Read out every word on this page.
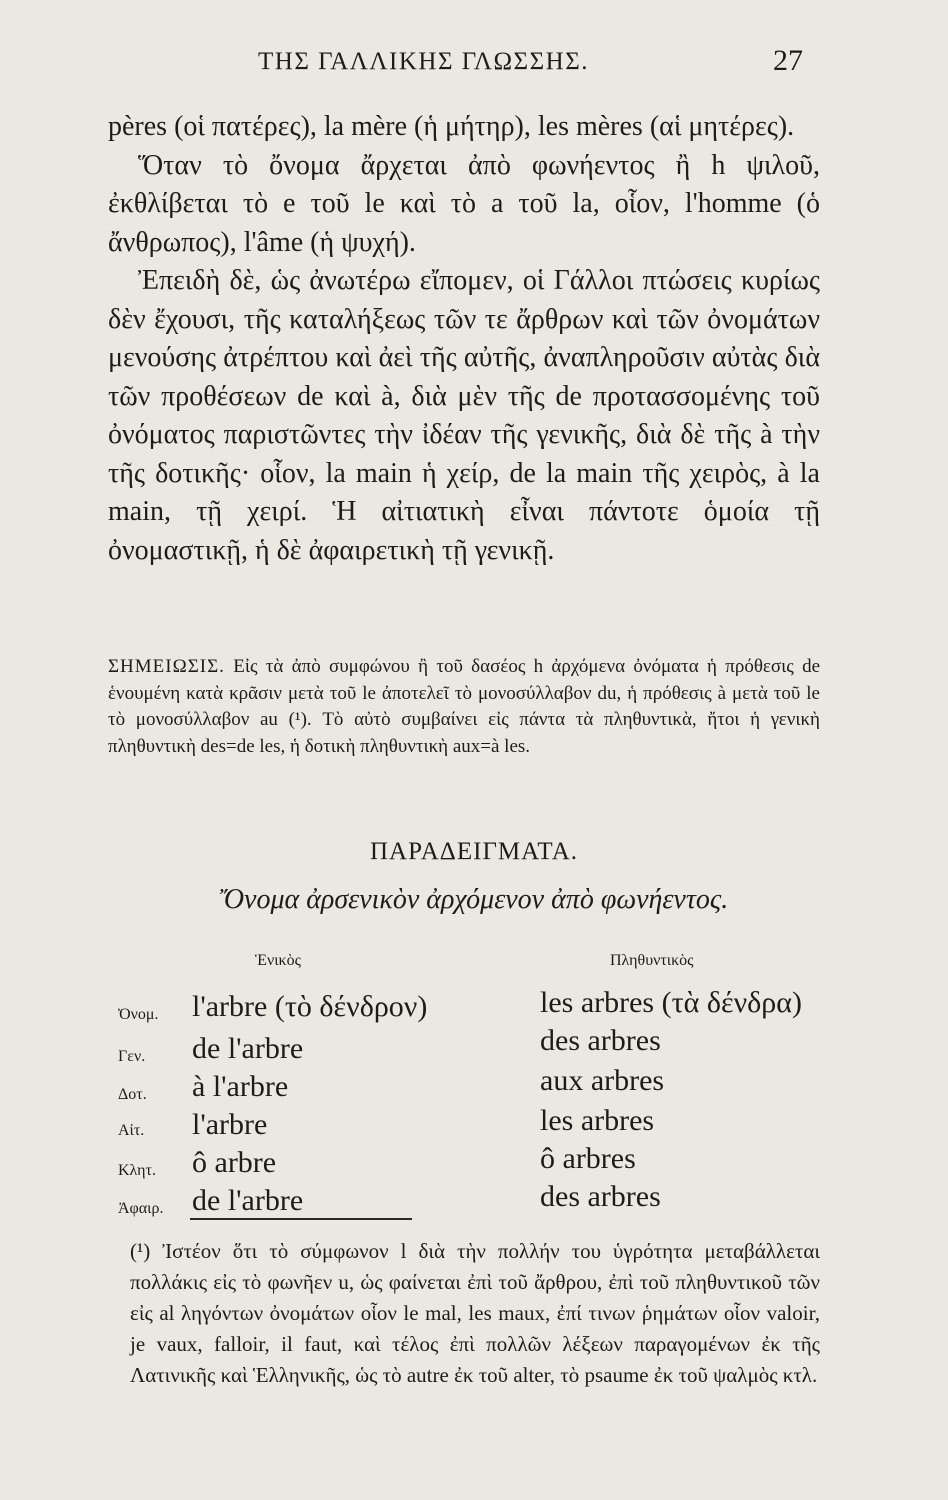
ΤΗΣ ΓΑΛΛΙΚΗΣ ΓΛΩΣΣΗΣ.	27

pères (οἱ πατέρες), la mère (ἡ μήτηρ), les mères (αἱ μητέρες).

Ὅταν τὸ ὄνομα ἄρχεται ἀπὸ φωνήεντος ἢ h ψιλοῦ, ἐκθλίβεται τὸ e τοῦ le καὶ τὸ a τοῦ la, οἷον, l'homme (ὁ ἄνθρωπος), l'âme (ἡ ψυχή).

Ἐπειδὴ δὲ, ὡς ἀνωτέρω εἴπομεν, οἱ Γάλλοι πτώσεις κυρίως δὲν ἔχουσι, τῆς καταλήξεως τῶν τε ἄρθρων καὶ τῶν ὀνομάτων μενούσης ἀτρέπτου καὶ ἀεὶ τῆς αὐτῆς, ἀναπληροῦσιν αὐτὰς διὰ τῶν προθέσεων de καὶ à, διὰ μὲν τῆς de προτασσομένης τοῦ ὀνόματος παριστῶντες τὴν ἰδέαν τῆς γενικῆς, διὰ δὲ τῆς à τὴν τῆς δοτικῆς· οἷον, la main ἡ χείρ, de la main τῆς χειρὸς, à la main, τῇ χειρί. Ἡ αἰτιατικὴ εἶναι πάντοτε ὁμοία τῇ ὀνομαστικῇ, ἡ δὲ ἀφαιρετικὴ τῇ γενικῇ.

ΣΗΜΕΙΩΣΙΣ. Εἰς τὰ ἀπὸ συμφώνου ἢ τοῦ δασέος h ἀρχόμενα ὀνόματα ἡ πρόθεσις de ἑνουμένη κατὰ κρᾶσιν μετὰ τοῦ le ἀποτελεῖ τὸ μονοσύλλαβον du, ἡ πρόθεσις à μετὰ τοῦ le τὸ μονοσύλλαβον au (¹). Τὸ αὐτὸ συμβαίνει εἰς πάντα τὰ πληθυντικὰ, ἤτοι ἡ γενικὴ πληθυντικὴ des=de les, ἡ δοτικὴ πληθυντικὴ aux=à les.
ΠΑΡΑΔΕΙΓΜΑΤΑ.
Ὄνομα ἀρσενικὸν ἀρχόμενον ἀπὸ φωνήεντος.
Ἑνικὸς	Πληθυντικὸς
Ὀνομ. l'arbre (τὸ δένδρον)	les arbres (τὰ δένδρα)
Γεν. de l'arbre	des arbres
Δοτ. à l'arbre	aux arbres
Αἰτ. l'arbre	les arbres
Κλητ. ô arbre	ô arbres
Ἀφαιρ. de l'arbre	des arbres
(¹) Ἰστέον ὅτι τὸ σύμφωνον l διὰ τὴν πολλήν του ὑγρότητα μεταβάλλεται πολλάκις εἰς τὸ φωνῆεν u, ὡς φαίνεται ἐπὶ τοῦ ἄρθρου, ἐπὶ τοῦ πληθυντικοῦ τῶν εἰς al ληγόντων ὀνομάτων οἷον le mal, les maux, ἐπί τινων ῥημάτων οἷον valoir, je vaux, falloir, il faut, καὶ τέλος ἐπὶ πολλῶν λέξεων παραγομένων ἐκ τῆς Λατινικῆς καὶ Ἑλληνικῆς, ὡς τὸ autre ἐκ τοῦ alter, τὸ psaume ἐκ τοῦ ψαλμὸς κτλ.
